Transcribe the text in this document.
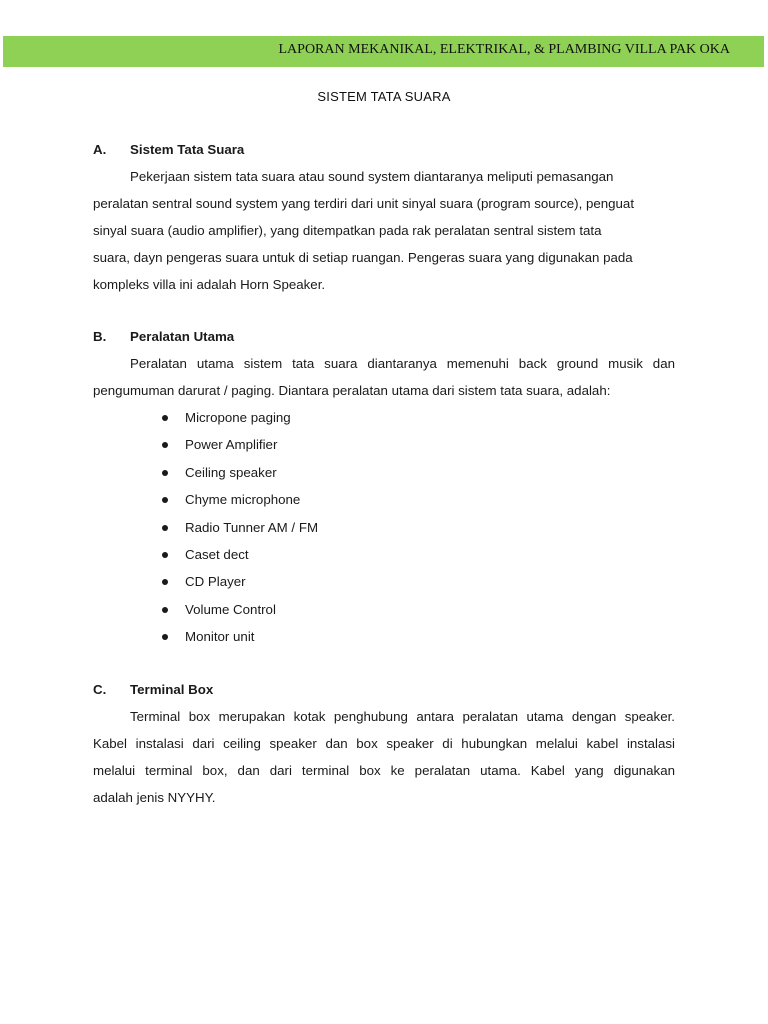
LAPORAN MEKANIKAL, ELEKTRIKAL, & PLAMBING VILLA PAK OKA
SISTEM TATA SUARA
A. Sistem Tata Suara
Pekerjaan sistem tata suara atau sound system diantaranya meliputi pemasangan
peralatan sentral sound system yang terdiri dari unit sinyal suara (program source), penguat
sinyal suara (audio amplifier), yang ditempatkan pada rak peralatan sentral sistem tata
suara, dayn pengeras suara untuk di setiap ruangan. Pengeras suara yang digunakan pada
kompleks villa ini adalah Horn Speaker.
B. Peralatan Utama
Peralatan utama sistem tata suara diantaranya memenuhi back ground musik dan
pengumuman darurat / paging. Diantara peralatan utama dari sistem tata suara, adalah:
Micropone paging
Power Amplifier
Ceiling speaker
Chyme microphone
Radio Tunner AM / FM
Caset dect
CD Player
Volume Control
Monitor unit
C. Terminal Box
Terminal box merupakan kotak penghubung antara peralatan utama dengan speaker.
Kabel instalasi dari ceiling speaker dan box speaker di hubungkan melalui kabel instalasi
melalui terminal box, dan dari terminal box ke peralatan utama. Kabel yang digunakan
adalah jenis NYYHY.
